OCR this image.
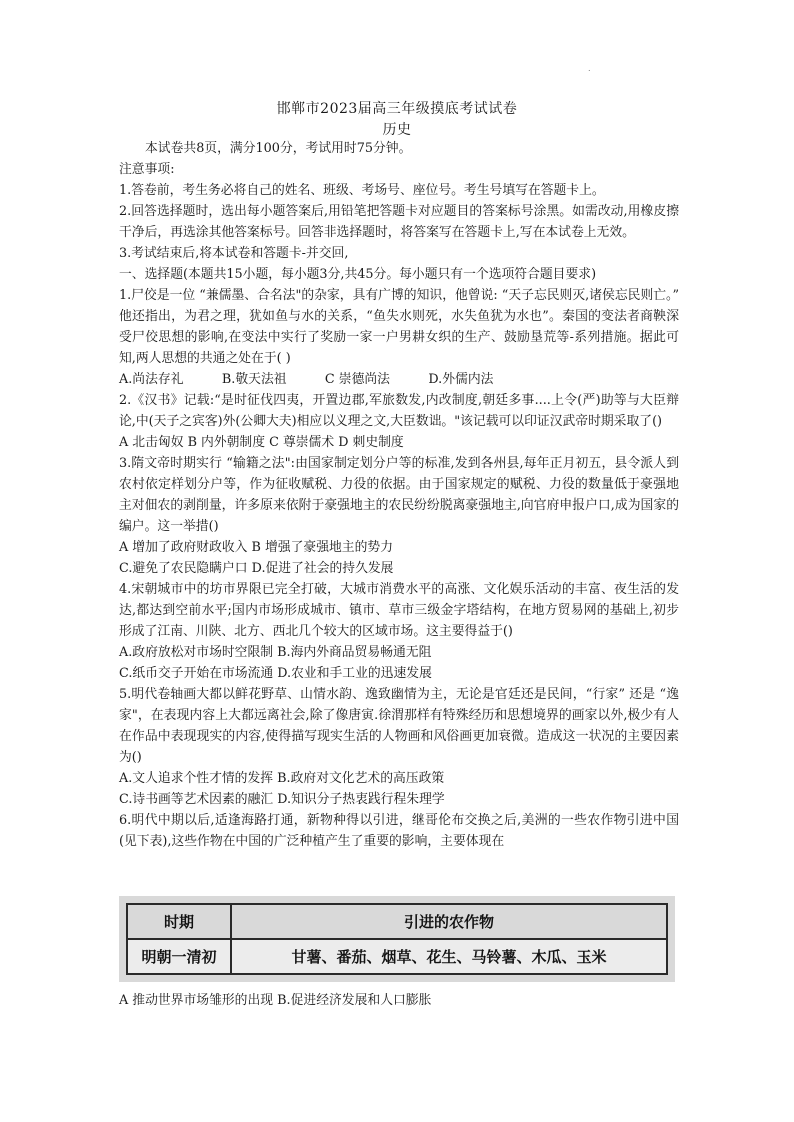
.
邯郸市2023届高三年级摸底考试试卷
历史

本试卷共8页，满分100分，考试用时75分钟。

注意事项:

1.答卷前，考生务必将自己的姓名、班级、考场号、座位号。考生号填写在答题卡上。

2.回答选择题时，选出每小题答案后,用铅笔把答题卡对应题目的答案标号涂黑。如需改动,用橡皮擦干净后，再选涂其他答案标号。回答非选择题时，将答案写在答题卡上,写在本试卷上无效。

3.考试结束后,将本试卷和答题卡-并交回,

一、选择题(本题共15小题，每小题3分,共45分。每小题只有一个选项符合题目要求)

1.尸佼是一位 “兼儒墨、合名法"的杂家，具有广博的知识，他曾说: “天子忘民则灭,诸侯忘民则亡。” 他还指出，为君之理，犹如鱼与水的关系，“鱼失水则死，水失鱼犹为水也”。秦国的变法者商鞅深受尸佼思想的影响,在变法中实行了奖励一家一户男耕女织的生产、鼓励垦荒等-系列措施。据此可知,两人思想的共通之处在于( )

A.尚法存礼　　　B.敬天法祖　　　C 崇德尚法　　　D.外儒内法

2.《汉书》记载:“是时征伐四夷，开置边郡,军旅数发,内改制度,朝廷多事....上令(严)助等与大臣辩论,中(天子之宾客)外(公卿大夫)相应以义理之文,大臣数诎。"该记载可以印证汉武帝时期采取了()

A 北击匈奴 B 内外朝制度 C 尊崇儒术 D 刺史制度

3.隋文帝时期实行 “输籍之法":由国家制定划分户等的标准,发到各州县,每年正月初五，县令派人到农村依定样划分户等，作为征收赋税、力役的依据。由于国家规定的赋税、力役的数量低于豪强地主对佃农的剥削量，许多原来依附于豪强地主的农民纷纷脱离豪强地主,向官府申报户口,成为国家的编户。这一举措()

A 增加了政府财政收入 B 增强了豪强地主的势力

C.避免了农民隐瞒户口 D.促进了社会的持久发展

4.宋朝城市中的坊市界限已完全打破，大城市消费水平的高涨、文化娱乐活动的丰富、夜生活的发达,都达到空前水平;国内市场形成城市、镇市、草市三级金字塔结构，在地方贸易网的基础上,初步形成了江南、川陕、北方、西北几个较大的区域市场。这主要得益于()

A.政府放松对市场时空限制 B.海内外商品贸易畅通无阻

C.纸币交子开始在市场流通 D.农业和手工业的迅速发展

5.明代卷轴画大都以鲜花野草、山情水韵、逸致幽情为主，无论是官廷还是民间，“行家” 还是 “逸家"，在表现内容上大都远离社会,除了像唐寅.徐渭那样有特殊经历和思想境界的画家以外,极少有人在作品中表现现实的内容,使得描写现实生活的人物画和风俗画更加衰微。造成这一状况的主要因素为()

A.文人追求个性才情的发挥 B.政府对文化艺术的高压政策

C.诗书画等艺术因素的融汇 D.知识分子热衷践行程朱理学

6.明代中期以后,适逢海路打通，新物种得以引进，继哥伦布交换之后,美洲的一些农作物引进中国(见下表),这些作物在中国的广泛种植产生了重要的影响，主要体现在

时期	引进的农作物
明朝一清初	甘薯、番茄、烟草、花生、马铃薯、木瓜、玉米

A 推动世界市场雏形的出现 B.促进经济发展和人口膨胀
